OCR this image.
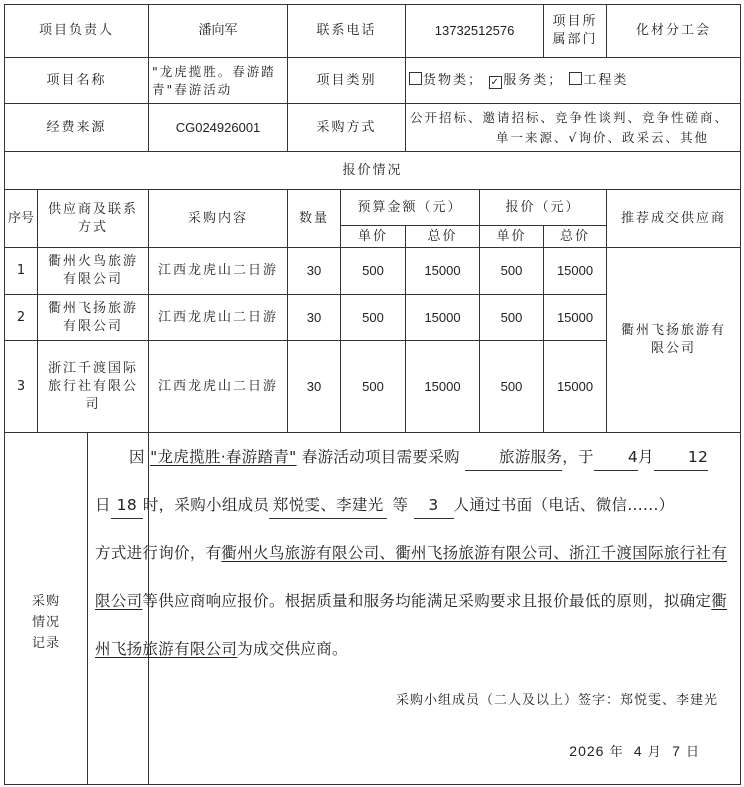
项目负责人		潘向军	联系电话		13732512576		项目所属部门	化材分工会
项目名称		"龙虎揽胜。春游踏青"春游活动	项目类别		货物类； ✓ 服务类； 工程类			
经费来源		CG024926001	采购方式		公开招标、邀请招标、竞争性谈判、竞争性磋商、
单一来源、√询价、政采云、其他			

报价情况								
序号	供应商及联系方式	采购内容	数量	预算金额（元）		报价（元）		推荐成交供应商
				单价	总价	单价	总价	
1	衢州火鸟旅游有限公司	江西龙虎山二日游	30	500	15000	500	15000	衢州飞扬旅游有限公司
2	衢州飞扬旅游有限公司	江西龙虎山二日游	30	500	15000	500	15000	
3	浙江千渡国际旅行社有限公司	江西龙虎山二日游	30	500	15000	500	15000	

采购情况记录		因 "龙虎揽胜·春游踏青" 春游活动项目需要采购 旅游服务，于 4月 12
日 18 时，采购小组成员 郑悦雯、李建光 等 3 人通过书面（电话、微信......）
方式进行询价，有衢州火鸟旅游有限公司、衢州飞扬旅游有限公司、浙江千渡国际旅行社有限公司等供应商响应报价。根据质量和服务均能满足采购要求且报价最低的原则，拟确定衢州飞扬旅游有限公司为成交供应商。
采购小组成员（二人及以上）签字：郑悦雯、李建光
2026 年 4 月 7 日						
